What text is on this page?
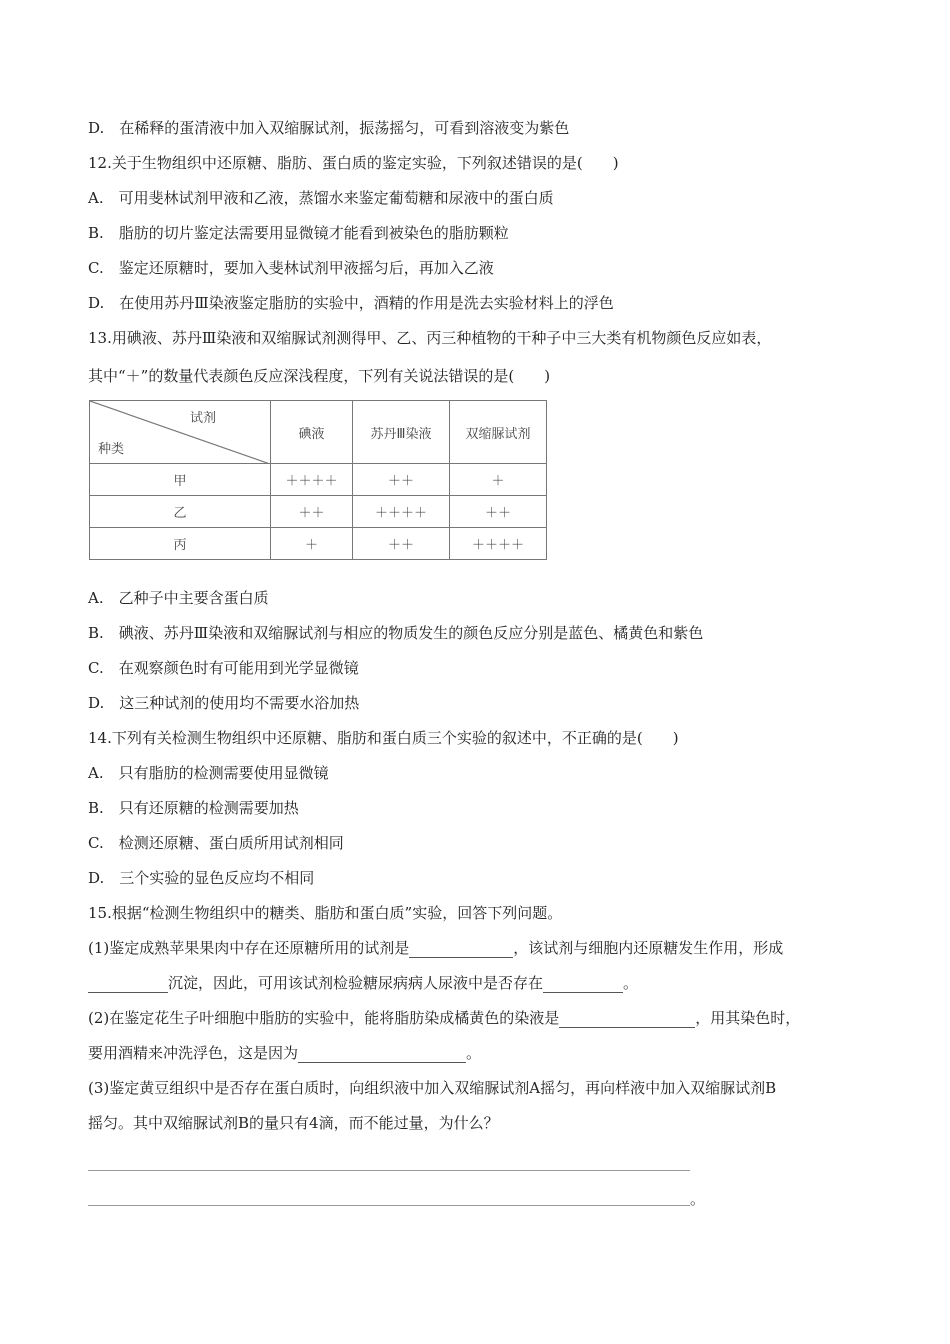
D.　在稀释的蛋清液中加入双缩脲试剂，振荡摇匀，可看到溶液变为紫色
12.关于生物组织中还原糖、脂肪、蛋白质的鉴定实验，下列叙述错误的是(　　)
A.　可用斐林试剂甲液和乙液，蒸馏水来鉴定葡萄糖和尿液中的蛋白质
B.　脂肪的切片鉴定法需要用显微镜才能看到被染色的脂肪颗粒
C.　鉴定还原糖时，要加入斐林试剂甲液摇匀后，再加入乙液
D.　在使用苏丹Ⅲ染液鉴定脂肪的实验中，酒精的作用是洗去实验材料上的浮色
13.用碘液、苏丹Ⅲ染液和双缩脲试剂测得甲、乙、丙三种植物的干种子中三大类有机物颜色反应如表，
其中“＋”的数量代表颜色反应深浅程度，下列有关说法错误的是(　　)
试剂
种类	碘液	苏丹Ⅲ染液	双缩脲试剂
甲	＋＋＋＋	＋＋	＋
乙	＋＋	＋＋＋＋	＋＋
丙	＋	＋＋	＋＋＋＋
A.　乙种子中主要含蛋白质
B.　碘液、苏丹Ⅲ染液和双缩脲试剂与相应的物质发生的颜色反应分别是蓝色、橘黄色和紫色
C.　在观察颜色时有可能用到光学显微镜
D.　这三种试剂的使用均不需要水浴加热
14.下列有关检测生物组织中还原糖、脂肪和蛋白质三个实验的叙述中，不正确的是(　　)
A.　只有脂肪的检测需要使用显微镜
B.　只有还原糖的检测需要加热
C.　检测还原糖、蛋白质所用试剂相同
D.　三个实验的显色反应均不相同
15.根据“检测生物组织中的糖类、脂肪和蛋白质”实验，回答下列问题。
(1)鉴定成熟苹果果肉中存在还原糖所用的试剂是	，该试剂与细胞内还原糖发生作用，形成
沉淀，因此，可用该试剂检验糖尿病病人尿液中是否存在	。
(2)在鉴定花生子叶细胞中脂肪的实验中，能将脂肪染成橘黄色的染液是	，用其染色时，
要用酒精来冲洗浮色，这是因为	。
(3)鉴定黄豆组织中是否存在蛋白质时，向组织液中加入双缩脲试剂A摇匀，再向样液中加入双缩脲试剂B
摇匀。其中双缩脲试剂B的量只有4滴，而不能过量，为什么？
。
